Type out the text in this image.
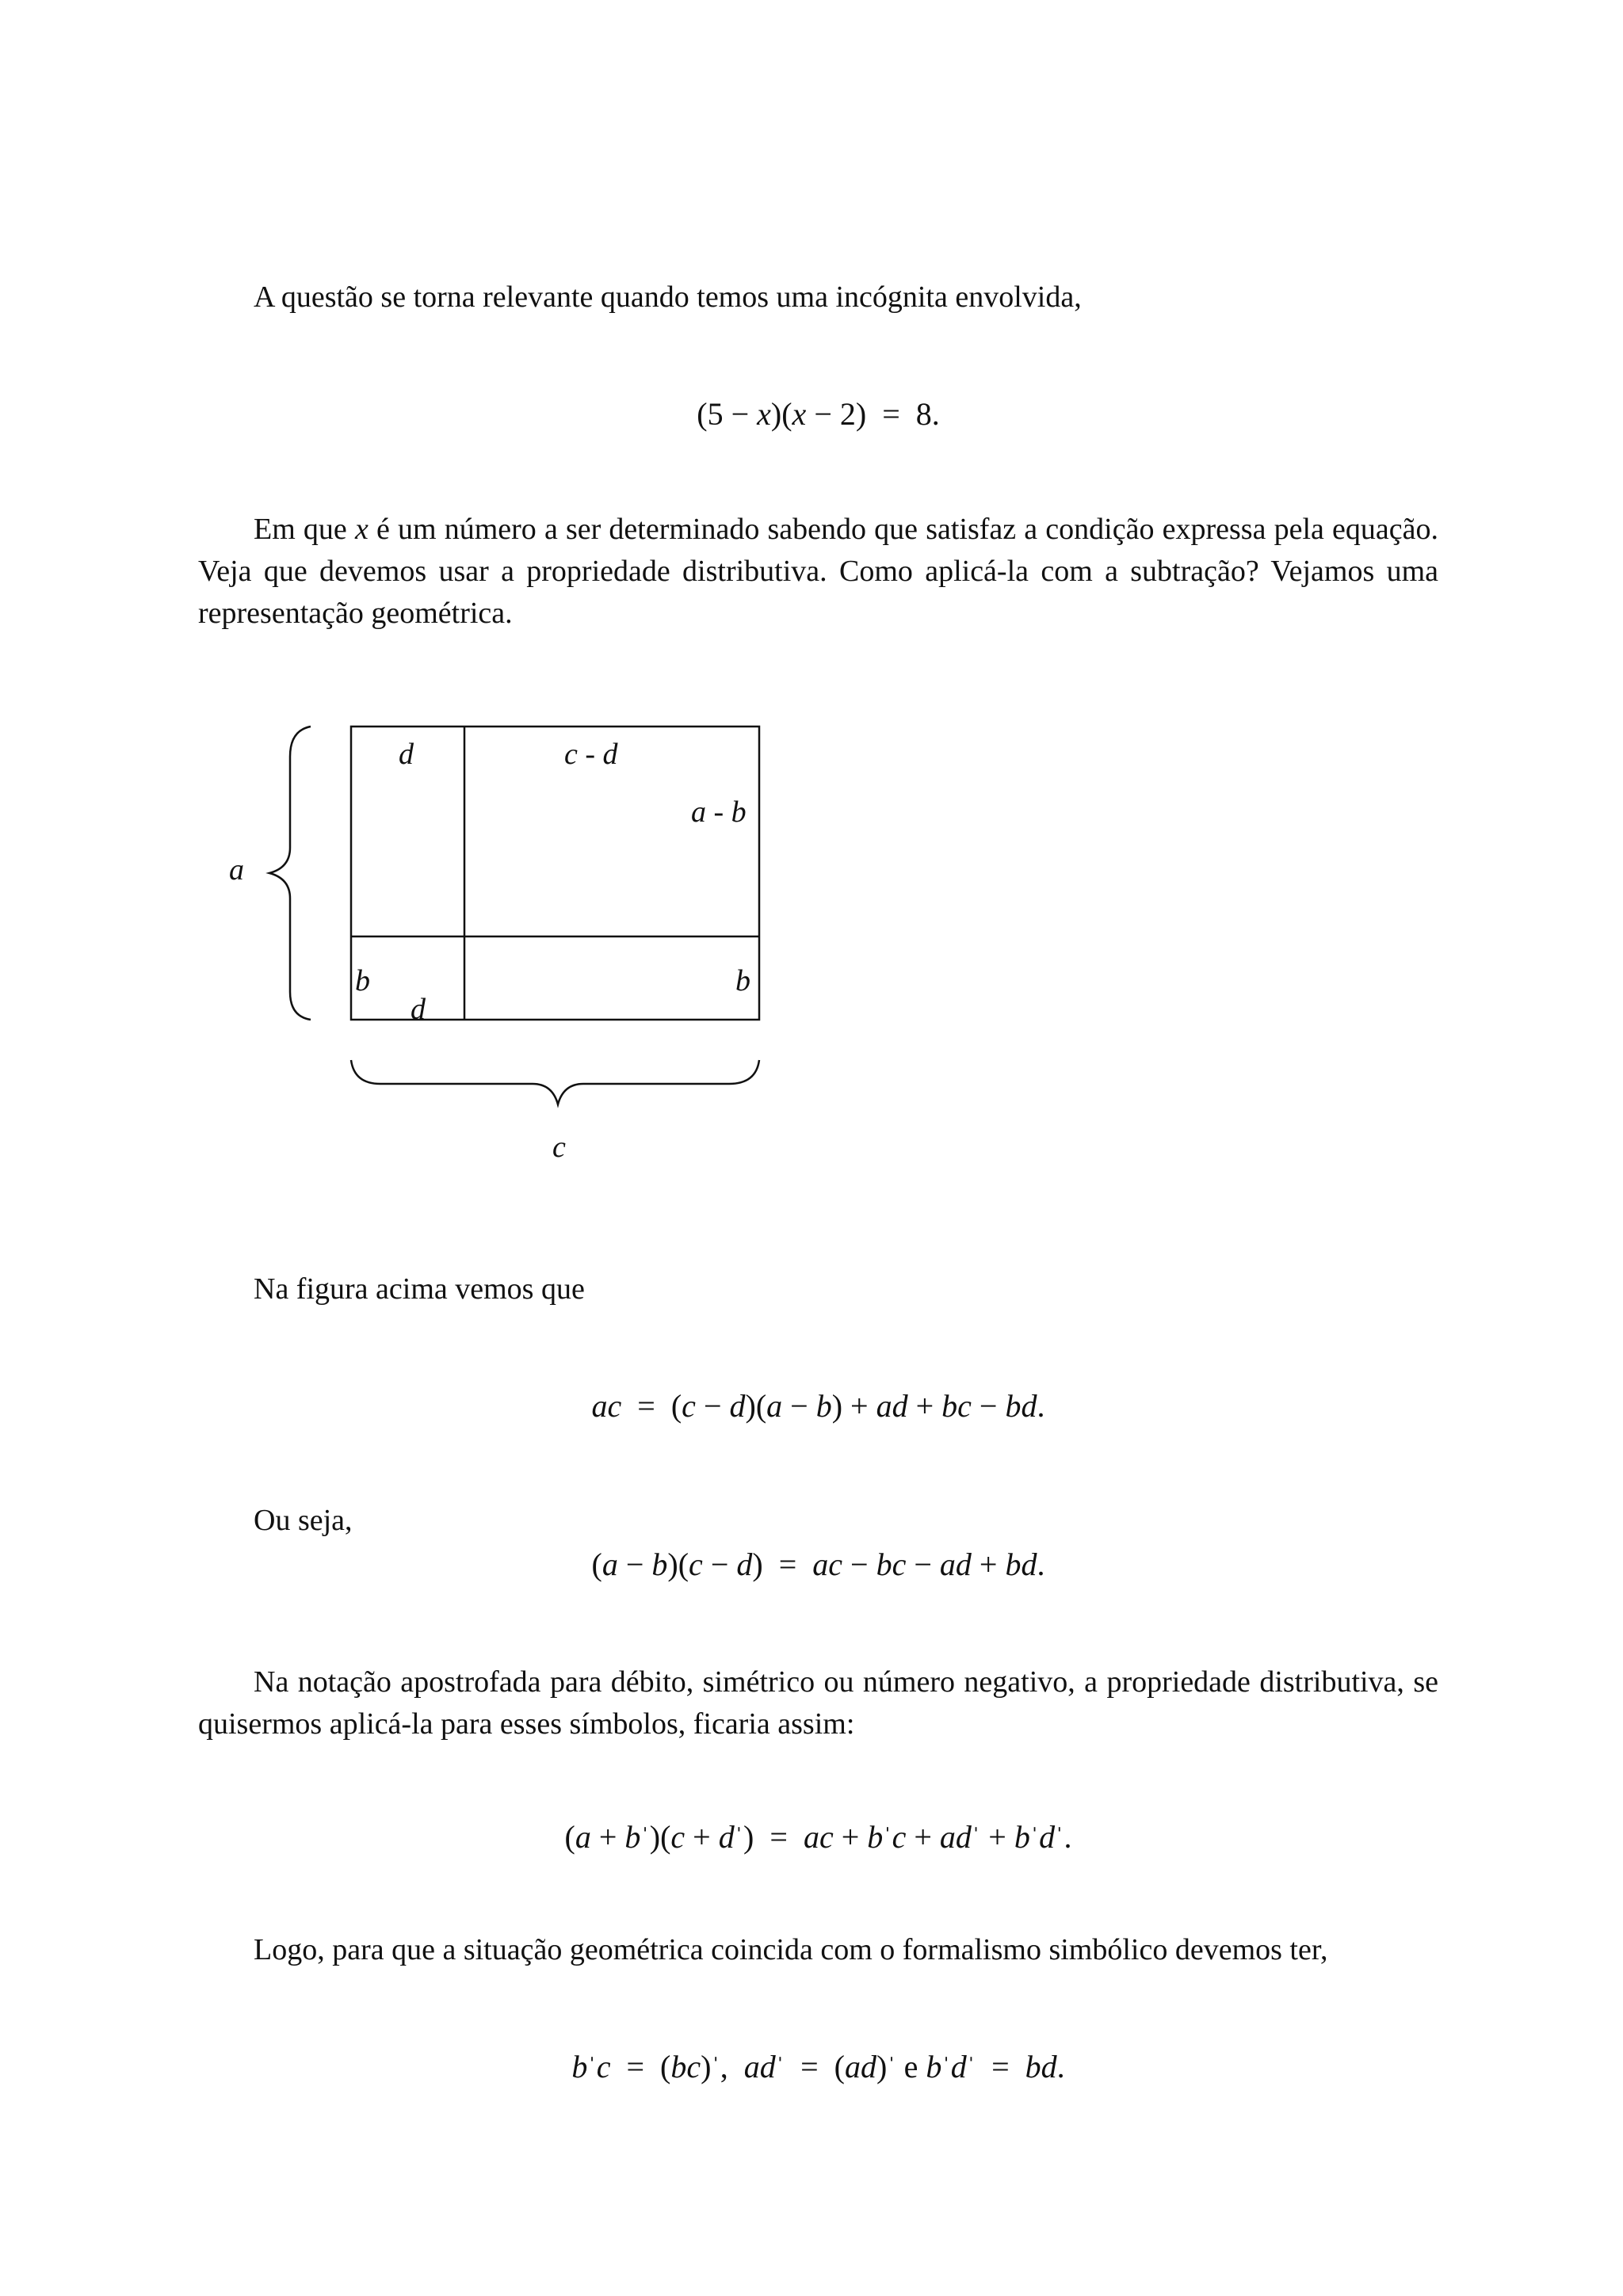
A questão se torna relevante quando temos uma incógnita envolvida,
(5 − x)(x − 2)  =  8.
Em que x é um número a ser determinado sabendo que satisfaz a condição expressa pela equação. Veja que devemos usar a propriedade distributiva. Como aplicá-la com a subtração? Vejamos uma representação geométrica.
d	c - d
a - b
a
b
d
b
c
Na figura acima vemos que
ac  =  (c − d)(a − b) + ad + bc − bd.
Ou seja,
(a − b)(c − d)  =  ac − bc − ad + bd.
Na notação apostrofada para débito, simétrico ou número negativo, a propriedade distributiva, se quisermos aplicá-la para esses símbolos, ficaria assim:
(a + bˈ)(c + dˈ)  =  ac + bˈc + adˈ + bˈdˈ.
Logo, para que a situação geométrica coincida com o formalismo simbólico devemos ter,
bˈc  =  (bc)ˈ,  adˈ  =  (ad)ˈ e bˈdˈ  =  bd.
